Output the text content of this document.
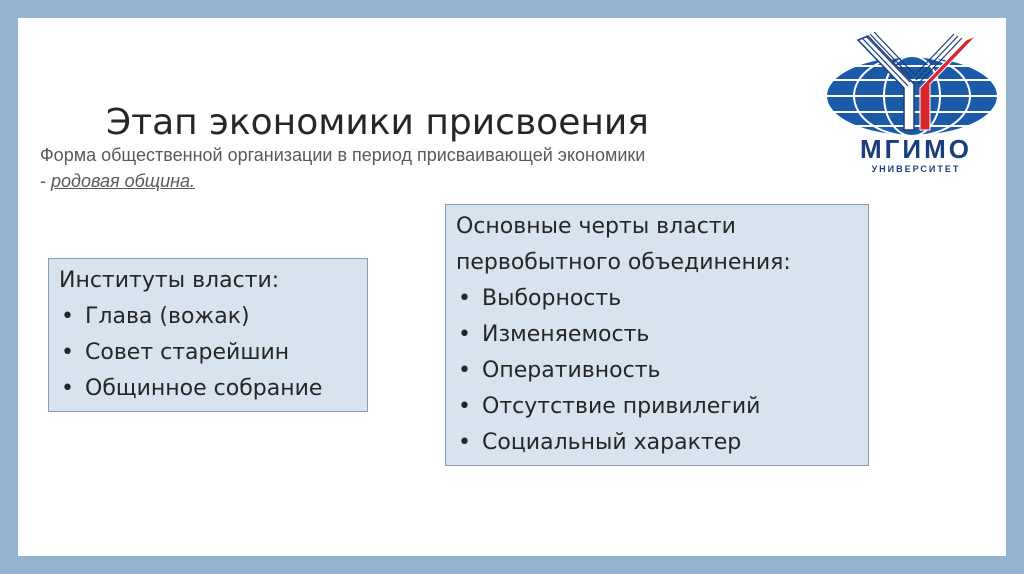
Этап экономики присвоения
Форма общественной организации в период присваивающей экономики
- родовая община.
Институты власти:
• Глава (вожак)
• Совет старейшин
• Общинное собрание
Основные черты власти
первобытного объединения:
• Выборность
• Изменяемость
• Оперативность
• Отсутствие привилегий
• Социальный характер
МГИМО
УНИВЕРСИТЕТ
